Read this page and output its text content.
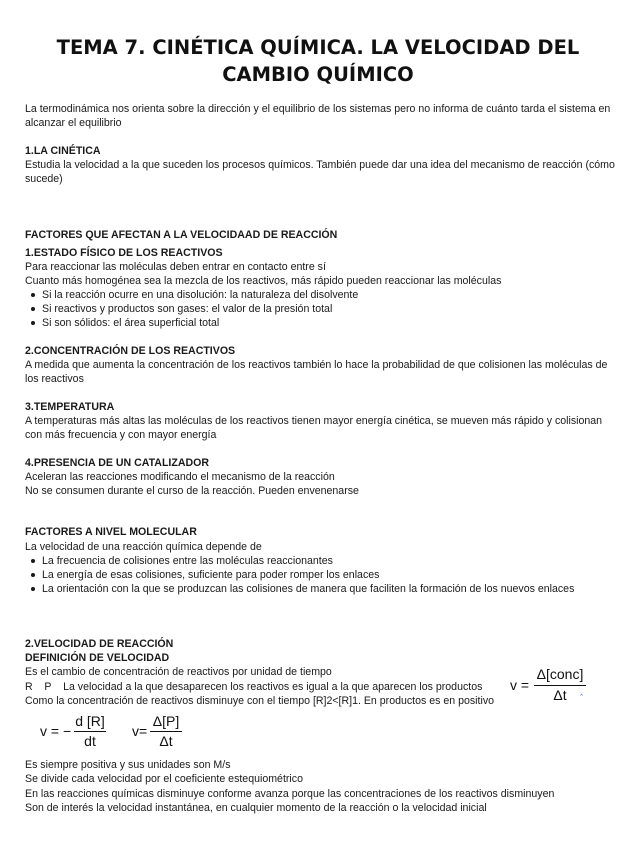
TEMA 7. CINÉTICA QUÍMICA. LA VELOCIDAD DEL CAMBIO QUÍMICO
La termodinámica nos orienta sobre la dirección y el equilibrio de los sistemas pero no informa de cuánto tarda el sistema en
alcanzar el equilibrio
1.LA CINÉTICA
Estudia la velocidad a la que suceden los procesos químicos. También puede dar una idea del mecanismo de reacción (cómo
sucede)
FACTORES QUE AFECTAN A LA VELOCIDAAD DE REACCIÓN
1.ESTADO FÍSICO DE LOS REACTIVOS
Para reaccionar las moléculas deben entrar en contacto entre sí
Cuanto más homogénea sea la mezcla de los reactivos, más rápido pueden reaccionar las moléculas
Si la reacción ocurre en una disolución: la naturaleza del disolvente
Si reactivos y productos son gases: el valor de la presión total
Si son sólidos: el área superficial total
2.CONCENTRACIÓN DE LOS REACTIVOS
A medida que aumenta la concentración de los reactivos también lo hace la probabilidad de que colisionen las moléculas de
los reactivos
3.TEMPERATURA
A temperaturas más altas las moléculas de los reactivos tienen mayor energía cinética, se mueven más rápido y colisionan
con más frecuencia y con mayor energía
4.PRESENCIA DE UN CATALIZADOR
Aceleran las reacciones modificando el mecanismo de la reacción
No se consumen durante el curso de la reacción. Pueden envenenarse
FACTORES A NIVEL MOLECULAR
La velocidad de una reacción química depende de
La frecuencia de colisiones entre las moléculas reaccionantes
La energía de esas colisiones, suficiente para poder romper los enlaces
La orientación con la que se produzcan las colisiones de manera que faciliten la formación de los nuevos enlaces
2.VELOCIDAD DE REACCIÓN
DEFINICIÓN DE VELOCIDAD
Es el cambio de concentración de reactivos por unidad de tiempo
R    P    La velocidad a la que desaparecen los reactivos es igual a la que aparecen los productos
Como la concentración de reactivos disminuye con el tiempo [R]2<[R]1. En productos es en positivo
v =
Δ[conc]
Δt	ˆ
v = −
d [R]
dt
v=
Δ[P]
Δt
Es siempre positiva y sus unidades son M/s
Se divide cada velocidad por el coeficiente estequiométrico
En las reacciones químicas disminuye conforme avanza porque las concentraciones de los reactivos disminuyen
Son de interés la velocidad instantánea, en cualquier momento de la reacción o la velocidad inicial
